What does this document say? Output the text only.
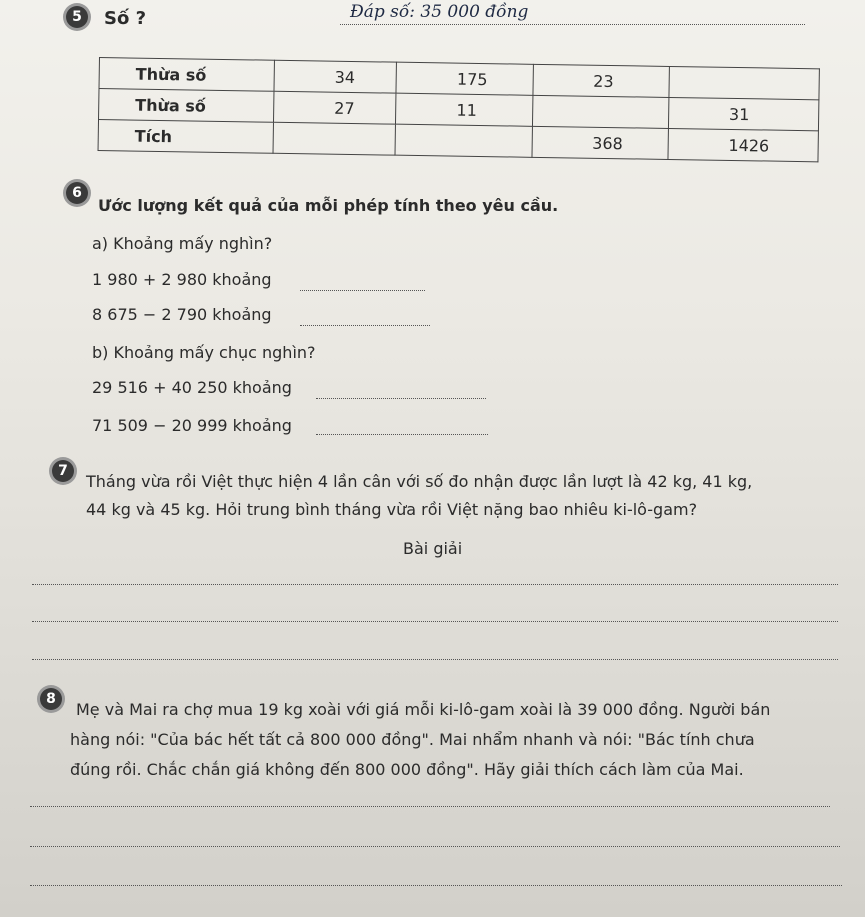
5	Số ?	Đáp số: 35 000 đồng
Thừa số	34	175	23	
Thừa số	27	11		31
Tích			368	1426
6
Ước lượng kết quả của mỗi phép tính theo yêu cầu.
a) Khoảng mấy nghìn?
1 980 + 2 980 khoảng
8 675 − 2 790 khoảng
b) Khoảng mấy chục nghìn?
29 516 + 40 250 khoảng
71 509 − 20 999 khoảng
7
Tháng vừa rồi Việt thực hiện 4 lần cân với số đo nhận được lần lượt là 42 kg, 41 kg,
44 kg và 45 kg. Hỏi trung bình tháng vừa rồi Việt nặng bao nhiêu ki-lô-gam?
Bài giải
8
Mẹ và Mai ra chợ mua 19 kg xoài với giá mỗi ki-lô-gam xoài là 39 000 đồng. Người bán
hàng nói: "Của bác hết tất cả 800 000 đồng". Mai nhẩm nhanh và nói: "Bác tính chưa
đúng rồi. Chắc chắn giá không đến 800 000 đồng". Hãy giải thích cách làm của Mai.
